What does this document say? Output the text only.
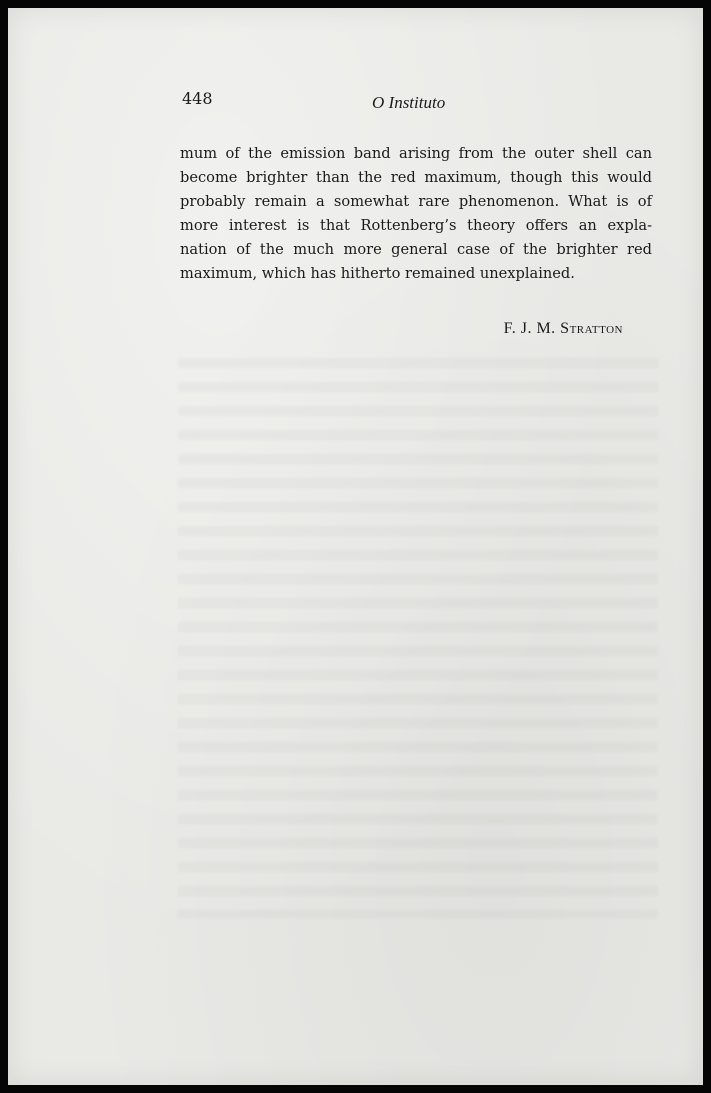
448	O Instituto

mum of the emission band arising from the outer shell can
become brighter than the red maximum, though this would
probably remain a somewhat rare phenomenon. What is of
more interest is that Rottenberg’s theory offers an expla-
nation of the much more general case of the brighter red
maximum, which has hitherto remained unexplained.

F. J. M. Stratton
